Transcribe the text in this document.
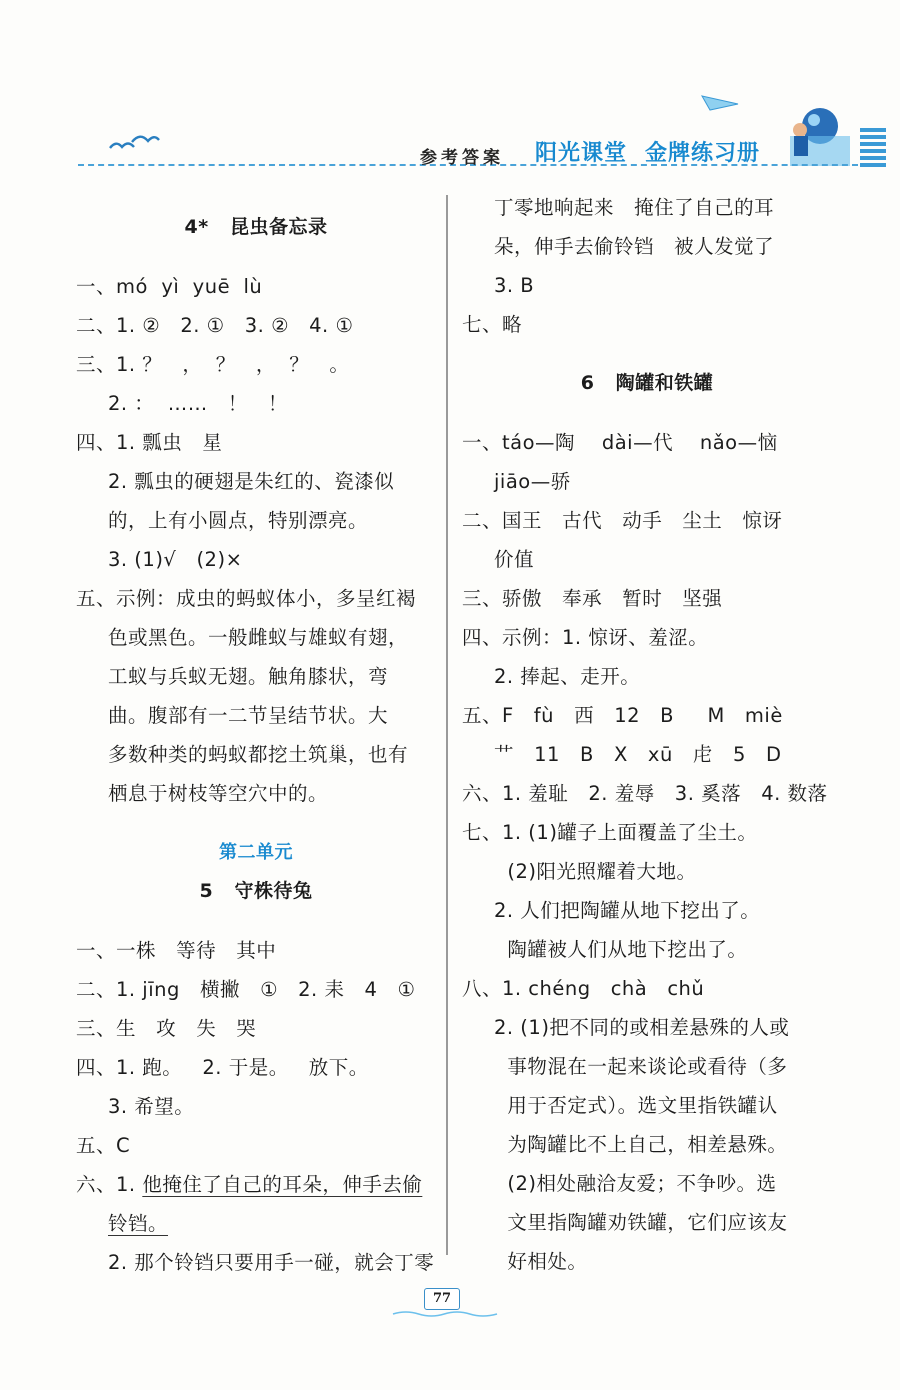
参考答案 阳光课堂 金牌练习册
4*   昆虫备忘录
一、mó  yì  yuē  lù
二、1. ②   2. ①   3. ②   4. ①
三、1. ？   ，  ？   ，  ？   。
2. ：  ……   ！   ！
四、1. 瓢虫   星
2. 瓢虫的硬翅是朱红的、瓷漆似
的，上有小圆点，特别漂亮。
3. (1)√   (2)×
五、示例：成虫的蚂蚁体小，多呈红褐
色或黑色。一般雌蚁与雄蚁有翅，
工蚁与兵蚁无翅。触角膝状，弯
曲。腹部有一二节呈结节状。大
多数种类的蚂蚁都挖土筑巢，也有
栖息于树枝等空穴中的。
第二单元
5   守株待兔
一、一株   等待   其中
二、1. jīng   横撇   ①   2. 耒   4   ①
三、生   攻   失   哭
四、1. 跑。   2. 于是。   放下。
3. 希望。
五、C
六、1. 他掩住了自己的耳朵，伸手去偷
铃铛。
2. 那个铃铛只要用手一碰，就会丁零
丁零地响起来   掩住了自己的耳
朵，伸手去偷铃铛   被人发觉了
3. B
七、略
6   陶罐和铁罐
一、táo—陶    dài—代    nǎo—恼
jiāo—骄
二、国王   古代   动手   尘土   惊讶
价值
三、骄傲   奉承   暂时   坚强
四、示例：1. 惊讶、羞涩。
2. 捧起、走开。
五、F   fù   西   12   B     M   miè
艹   11   B   X   xū   虍   5   D
六、1. 羞耻   2. 羞辱   3. 奚落   4. 数落
七、1. (1)罐子上面覆盖了尘土。
(2)阳光照耀着大地。
2. 人们把陶罐从地下挖出了。
陶罐被人们从地下挖出了。
八、1. chéng   chà   chǔ
2. (1)把不同的或相差悬殊的人或
事物混在一起来谈论或看待（多
用于否定式）。选文里指铁罐认
为陶罐比不上自己，相差悬殊。
(2)相处融洽友爱；不争吵。选
文里指陶罐劝铁罐，它们应该友
好相处。
77
